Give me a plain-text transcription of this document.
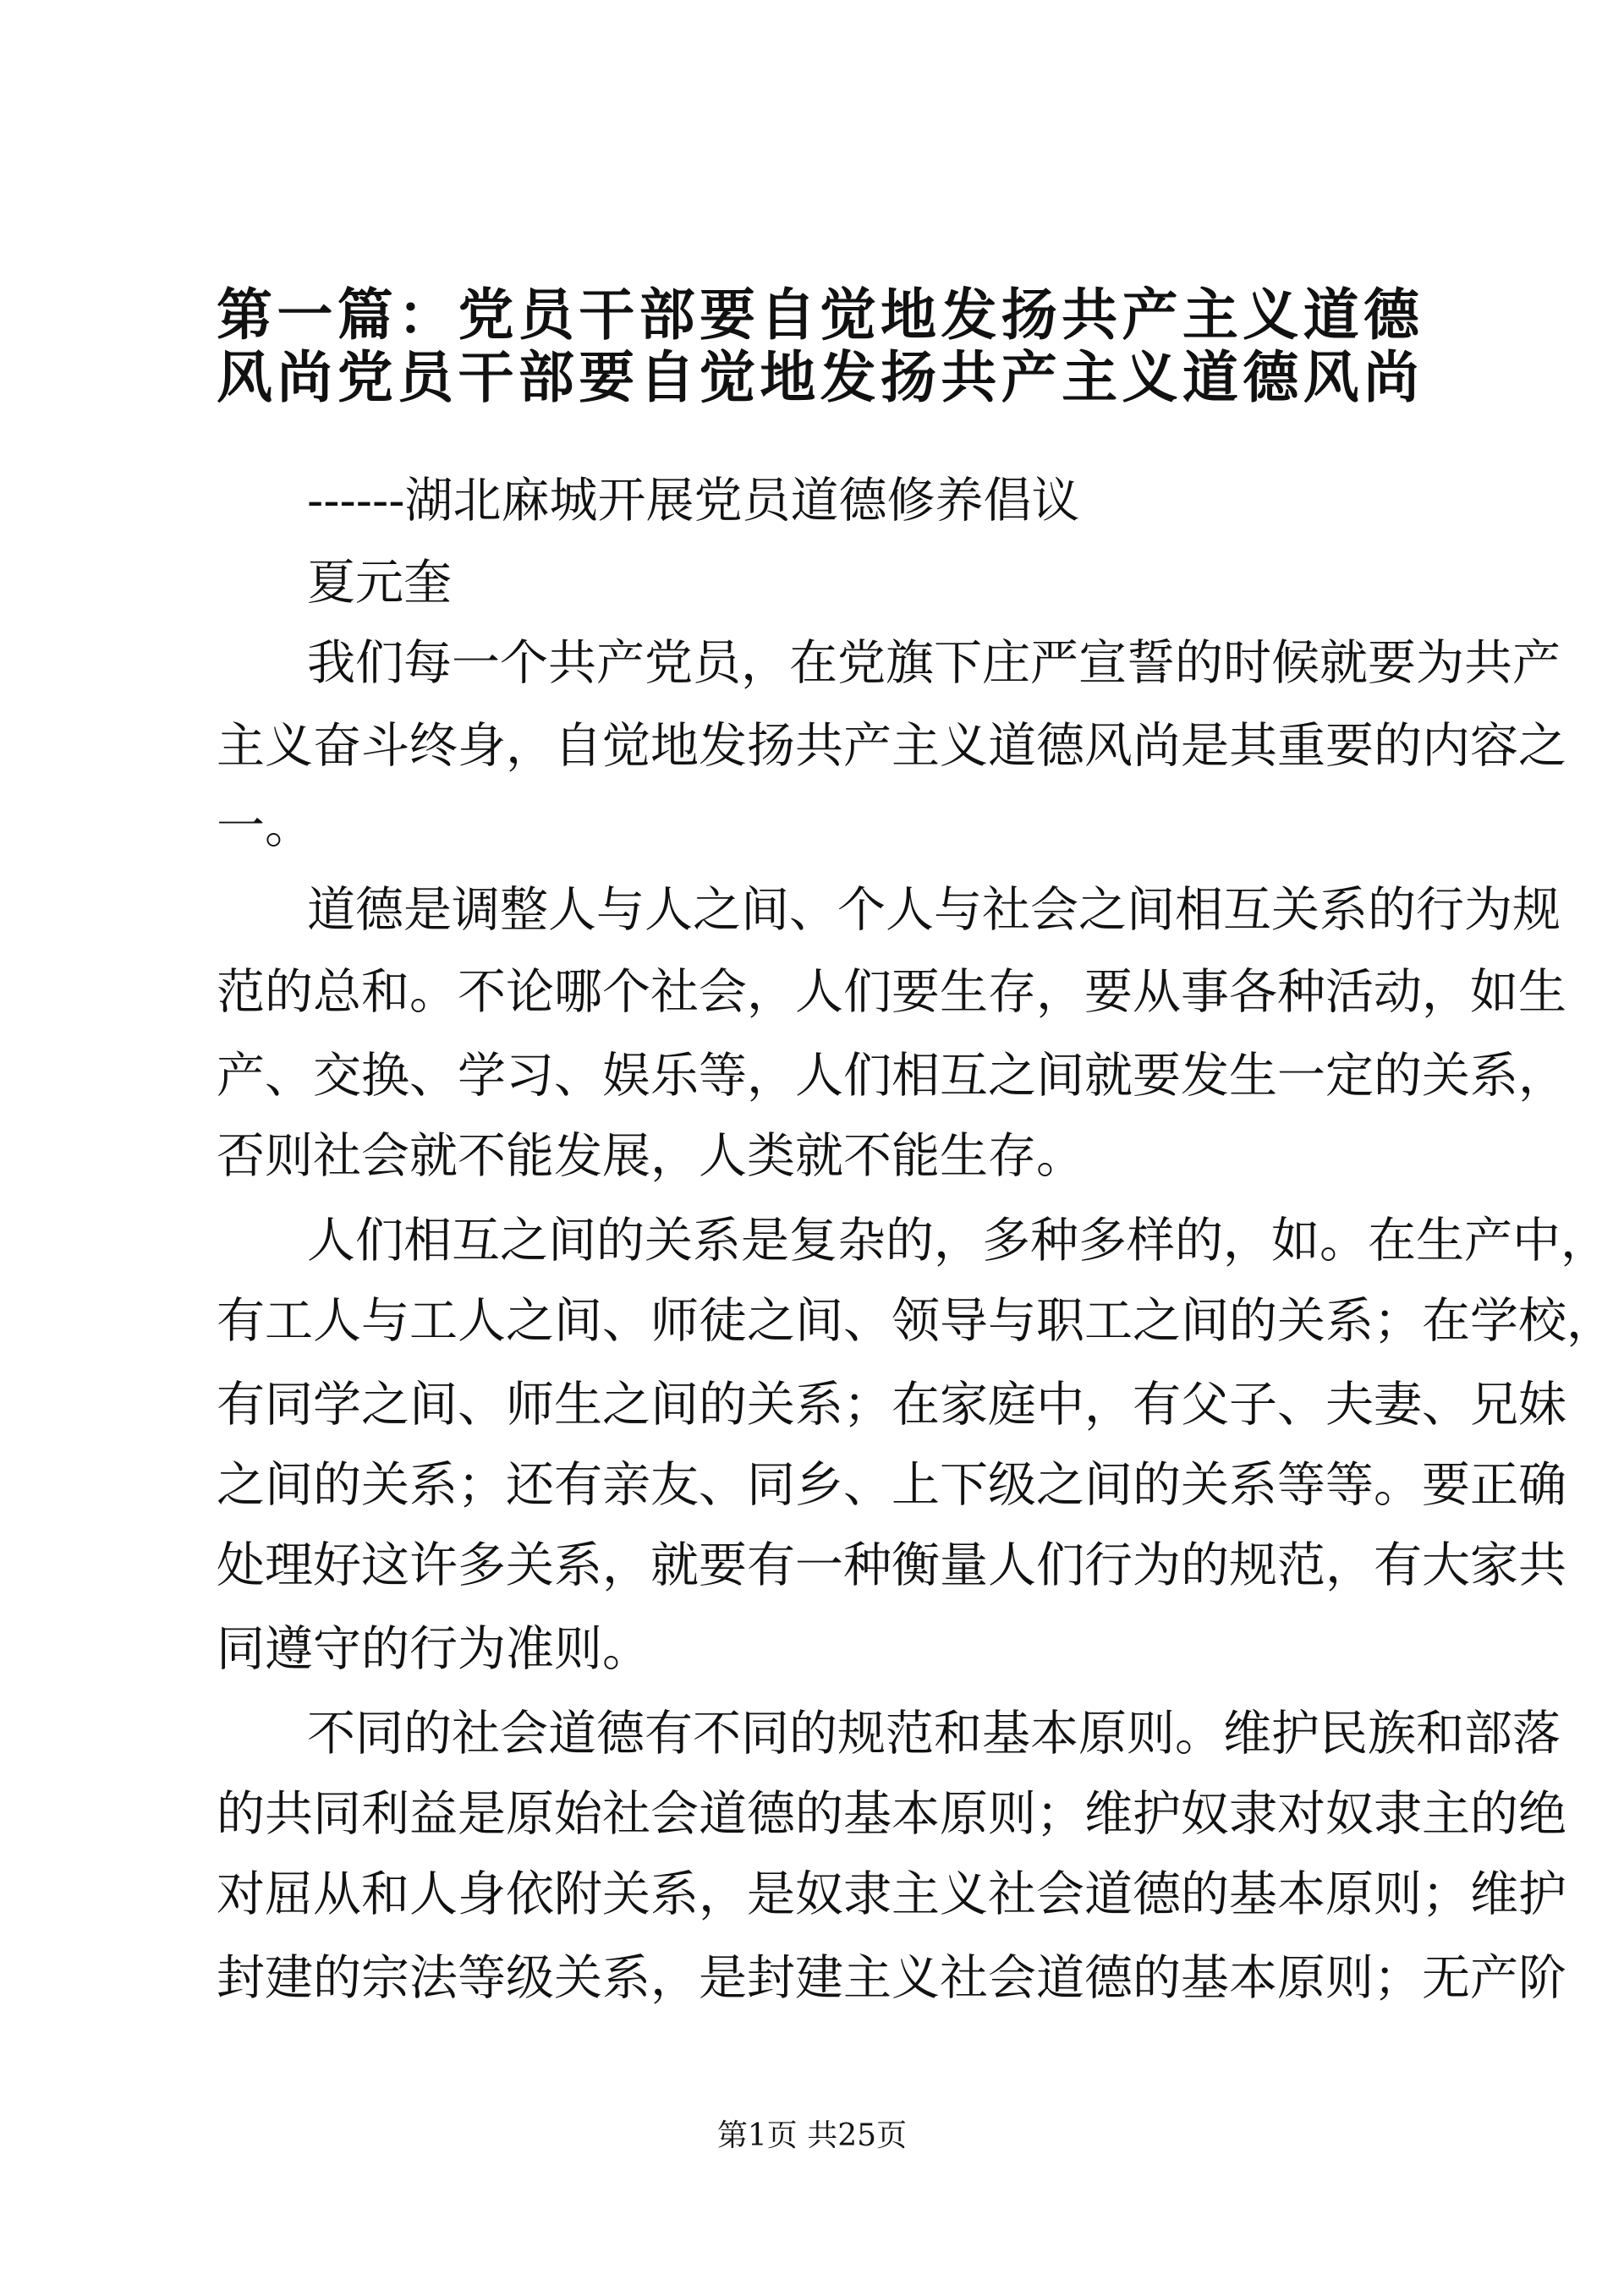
第一篇：党员干部要自觉地发扬共产主义道德
风尚党员干部要自觉地发扬共产主义道德风尚
------湖北麻城开展党员道德修养倡议
夏元奎
我们每一个共产党员，在党旗下庄严宣誓的时候就要为共产
主义奋斗终身，自觉地发扬共产主义道德风尚是其重要的内容之
一。
道德是调整人与人之间、个人与社会之间相互关系的行为规
范的总和。不论哪个社会，人们要生存，要从事各种活动，如生
产、交换、学习、娱乐等，人们相互之间就要发生一定的关系，
否则社会就不能发展，人类就不能生存。
人们相互之间的关系是复杂的，多种多样的，如。在生产中，
有工人与工人之间、师徒之间、领导与职工之间的关系；在学校，
有同学之间、师生之间的关系；在家庭中，有父子、夫妻、兄妹
之间的关系；还有亲友、同乡、上下级之间的关系等等。要正确
处理好这许多关系，就要有一种衡量人们行为的规范，有大家共
同遵守的行为准则。
不同的社会道德有不同的规范和基本原则。维护民族和部落
的共同利益是原始社会道德的基本原则；维护奴隶对奴隶主的绝
对屈从和人身依附关系，是奴隶主义社会道德的基本原则；维护
封建的宗法等级关系，是封建主义社会道德的基本原则；无产阶
第1页 共25页
